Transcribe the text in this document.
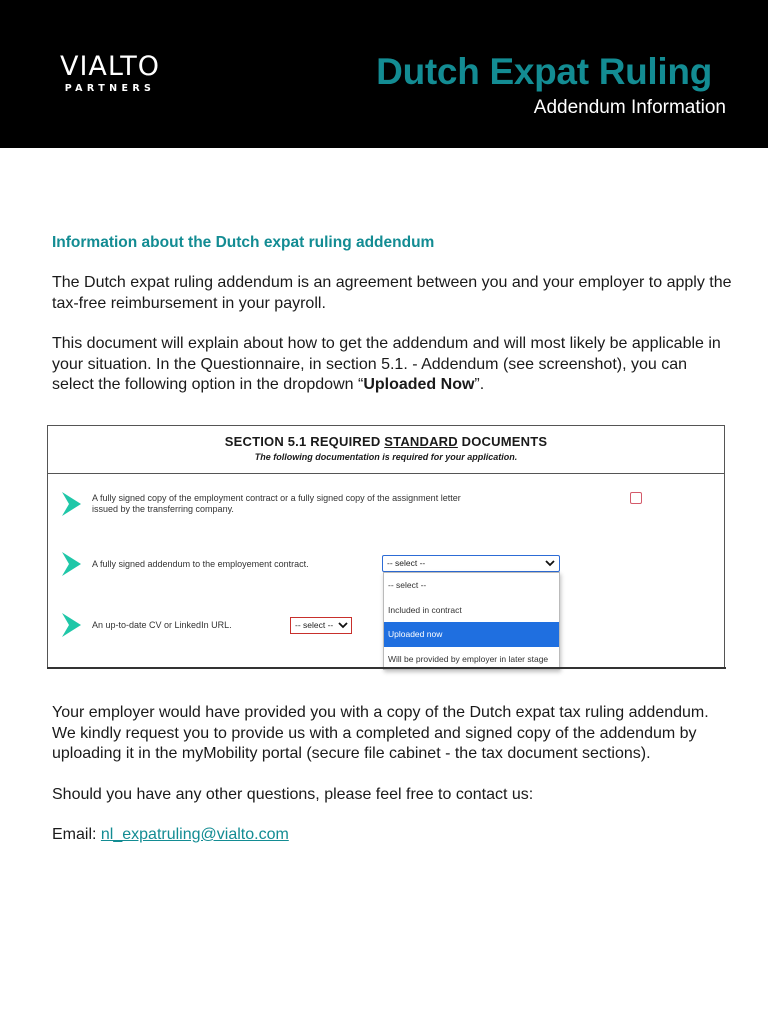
VIALTO
PARTNERS	Dutch Expat Ruling
Addendum Information
Information about the Dutch expat ruling addendum

The Dutch expat ruling addendum is an agreement between you and your employer to apply the tax-free reimbursement in your payroll.

This document will explain about how to get the addendum and will most likely be applicable in your situation. In the Questionnaire, in section 5.1. - Addendum (see screenshot), you can select the following option in the dropdown “Uploaded Now”.

SECTION 5.1 REQUIRED STANDARD DOCUMENTS
The following documentation is required for your application.
A fully signed copy of the employment contract or a fully signed copy of the assignment letter
issued by the transferring company.
A fully signed addendum to the employement contract.
An up-to-date CV or LinkedIn URL.
-- select --
-- select --
-- select --
Included in contract
Uploaded now
Will be provided by employer in later stage

Your employer would have provided you with a copy of the Dutch expat tax ruling addendum. We kindly request you to provide us with a completed and signed copy of the addendum by uploading it in the myMobility portal (secure file cabinet - the tax document sections).

Should you have any other questions, please feel free to contact us:

Email: nl_expatruling@vialto.com
